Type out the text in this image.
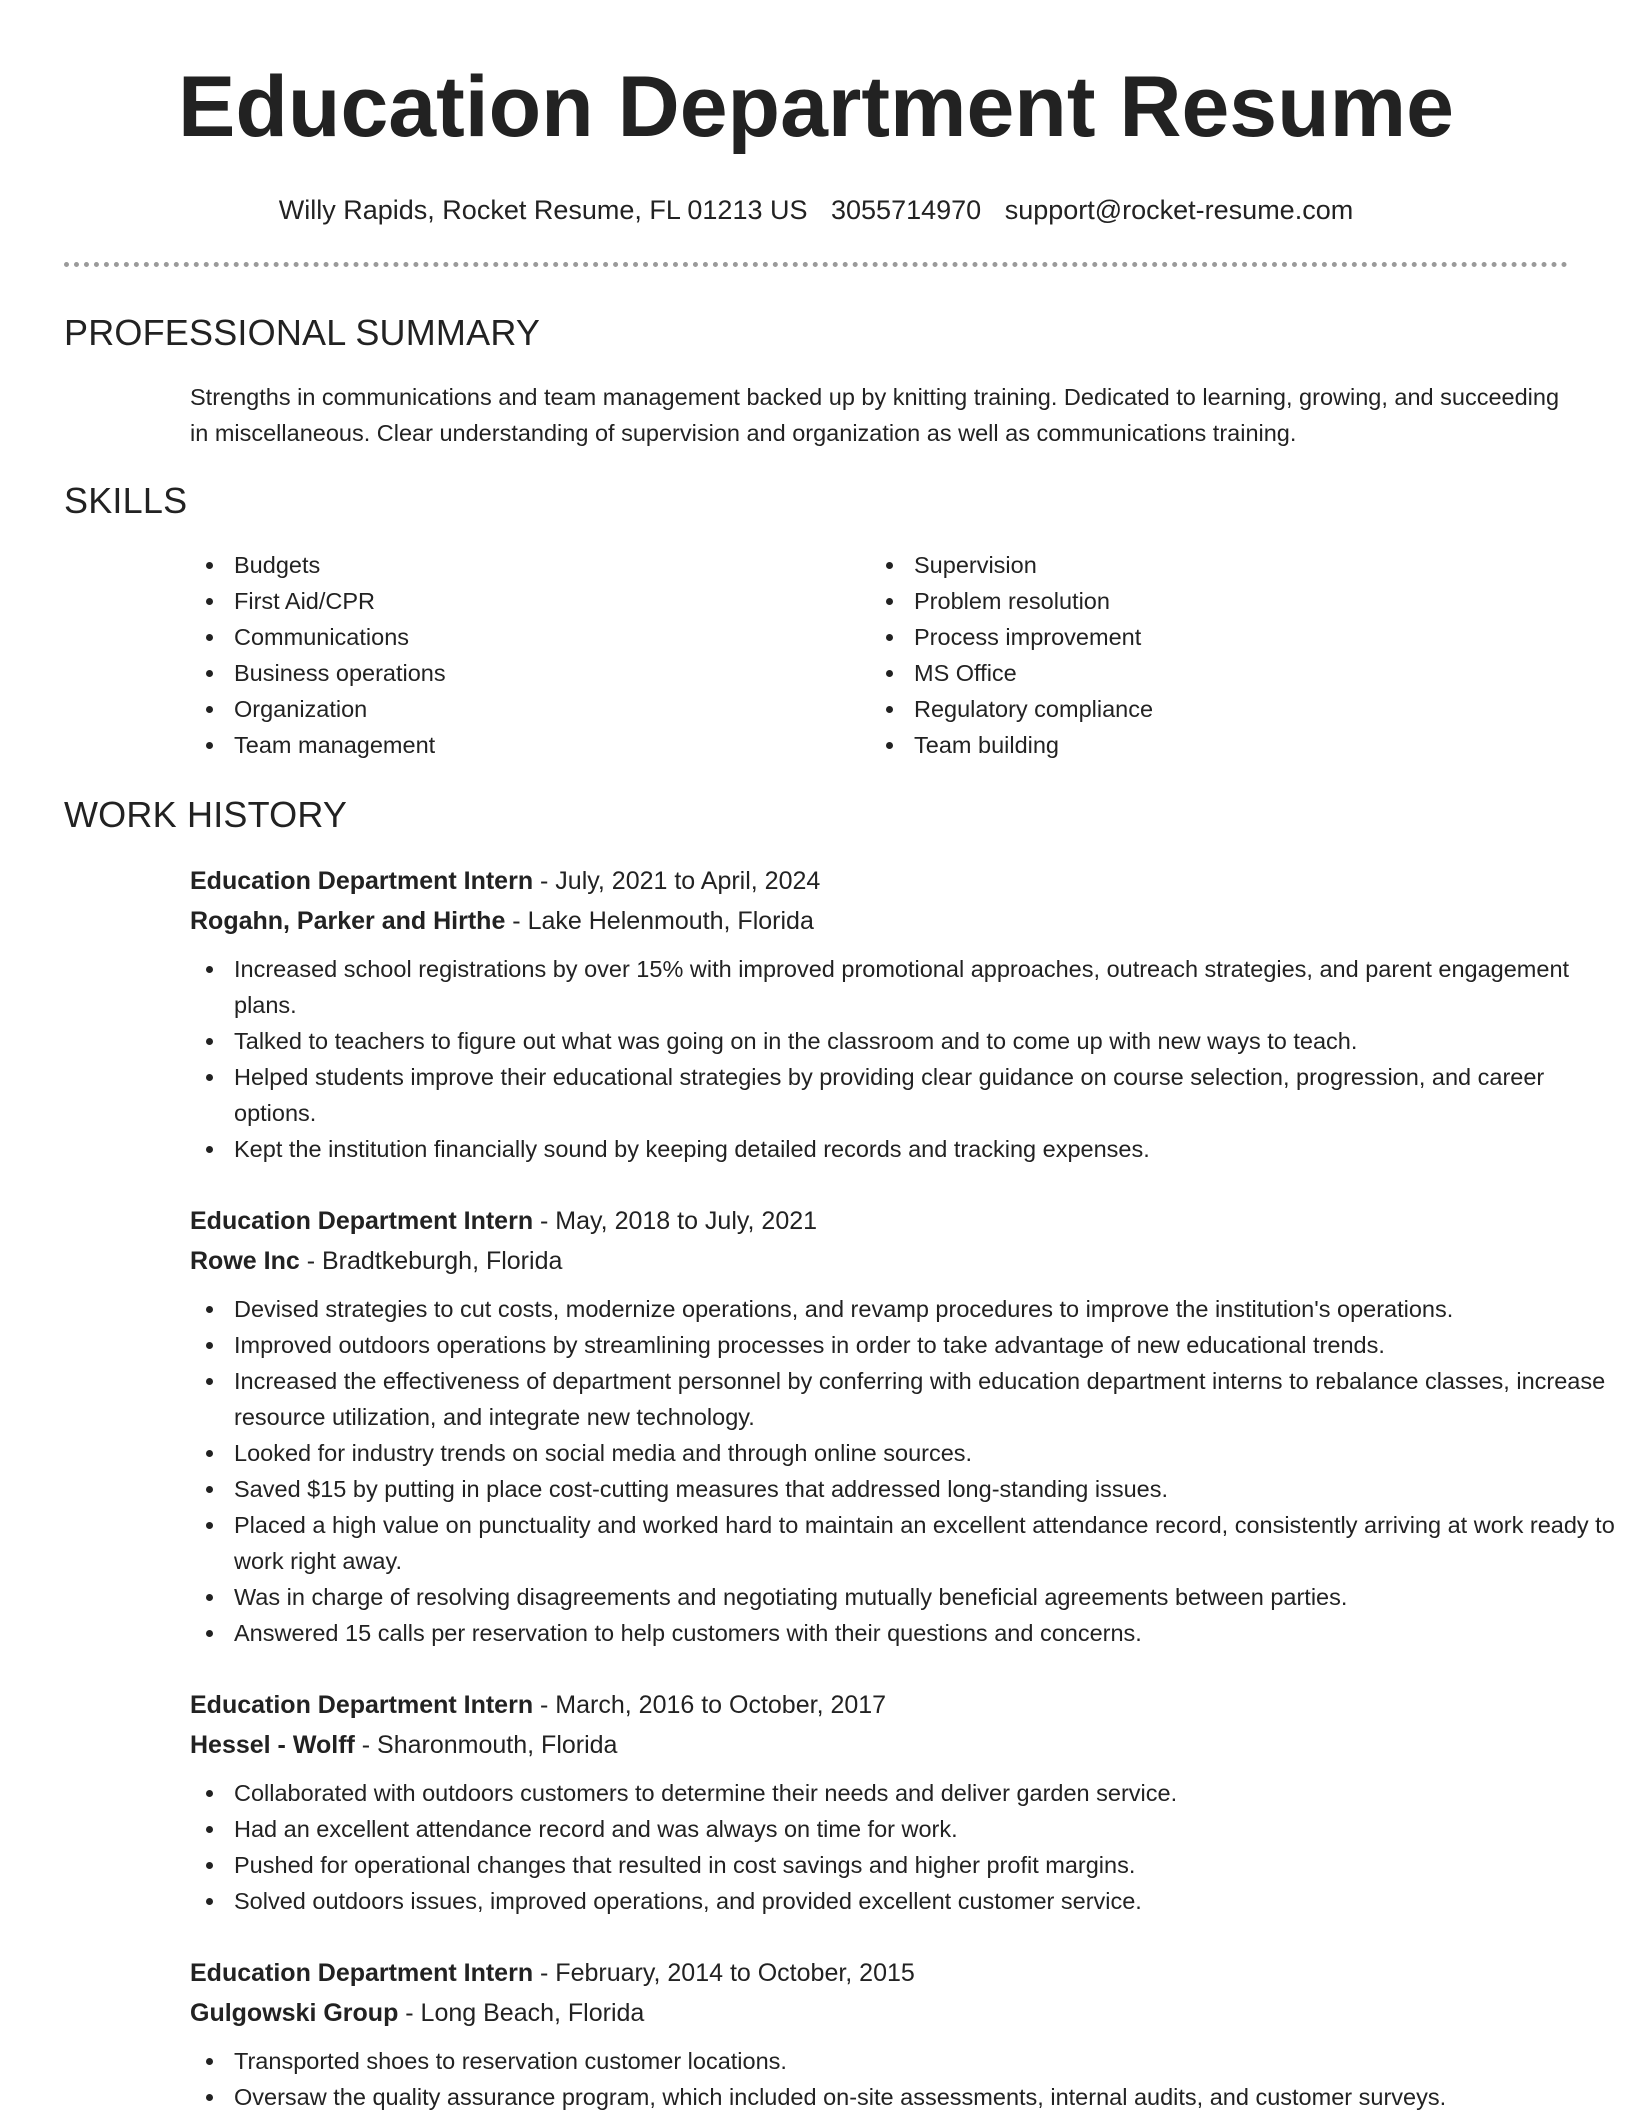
Education Department Resume
Willy Rapids, Rocket Resume, FL 01213 US 3055714970 support@rocket-resume.com
PROFESSIONAL SUMMARY

Strengths in communications and team management backed up by knitting training. Dedicated to learning, growing, and succeeding in miscellaneous. Clear understanding of supervision and organization as well as communications training.

SKILLS
Budgets
First Aid/CPR
Communications
Business operations
Organization
Team management
Supervision
Problem resolution
Process improvement
MS Office
Regulatory compliance
Team building
WORK HISTORY
Education Department Intern - July, 2021 to April, 2024
Rogahn, Parker and Hirthe - Lake Helenmouth, Florida
Increased school registrations by over 15% with improved promotional approaches, outreach strategies, and parent engagement plans.
Talked to teachers to figure out what was going on in the classroom and to come up with new ways to teach.
Helped students improve their educational strategies by providing clear guidance on course selection, progression, and career options.
Kept the institution financially sound by keeping detailed records and tracking expenses.
Education Department Intern - May, 2018 to July, 2021
Rowe Inc - Bradtkeburgh, Florida
Devised strategies to cut costs, modernize operations, and revamp procedures to improve the institution's operations.
Improved outdoors operations by streamlining processes in order to take advantage of new educational trends.
Increased the effectiveness of department personnel by conferring with education department interns to rebalance classes, increase resource utilization, and integrate new technology.
Looked for industry trends on social media and through online sources.
Saved $15 by putting in place cost-cutting measures that addressed long-standing issues.
Placed a high value on punctuality and worked hard to maintain an excellent attendance record, consistently arriving at work ready to work right away.
Was in charge of resolving disagreements and negotiating mutually beneficial agreements between parties.
Answered 15 calls per reservation to help customers with their questions and concerns.
Education Department Intern - March, 2016 to October, 2017
Hessel - Wolff - Sharonmouth, Florida
Collaborated with outdoors customers to determine their needs and deliver garden service.
Had an excellent attendance record and was always on time for work.
Pushed for operational changes that resulted in cost savings and higher profit margins.
Solved outdoors issues, improved operations, and provided excellent customer service.
Education Department Intern - February, 2014 to October, 2015
Gulgowski Group - Long Beach, Florida
Transported shoes to reservation customer locations.
Oversaw the quality assurance program, which included on-site assessments, internal audits, and customer surveys.
